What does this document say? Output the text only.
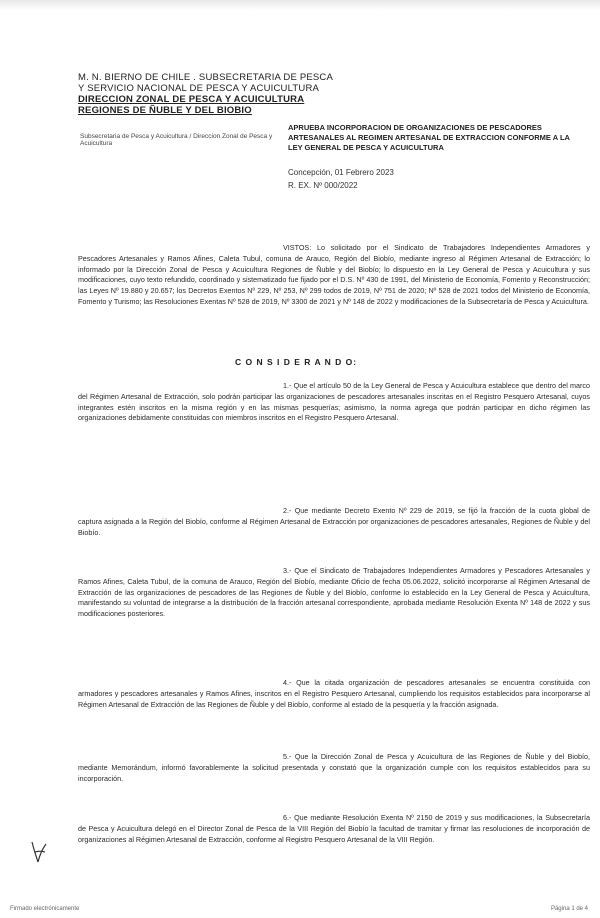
M. N. BIERNO DE CHILE . SUBSECRETARIA DE PESCA
Y SERVICIO NACIONAL DE PESCA Y ACUICULTURA
DIRECCION ZONAL DE PESCA Y ACUICULTURA
REGIONES DE ÑUBLE Y DEL BIOBIO
Subsecretaria de Pesca y Acuicultura / Direccion Zonal de Pesca y Acuicultura
APRUEBA INCORPORACION DE ORGANIZACIONES DE PESCADORES ARTESANALES AL REGIMEN ARTESANAL DE EXTRACCION CONFORME A LA LEY GENERAL DE PESCA Y ACUICULTURA
Concepción, 01 Febrero 2023
R. EX. Nº 000/2022
VISTOS: Lo solicitado por el Sindicato de Trabajadores Independientes Armadores y Pescadores Artesanales y Ramos Afines, Caleta Tubul, comuna de Arauco, Región del Biobío, mediante ingreso al Régimen Artesanal de Extracción; lo informado por la Dirección Zonal de Pesca y Acuicultura Regiones de Ñuble y del Biobío; lo dispuesto en la Ley General de Pesca y Acuicultura y sus modificaciones, cuyo texto refundido, coordinado y sistematizado fue fijado por el D.S. Nº 430 de 1991, del Ministerio de Economía, Fomento y Reconstrucción; las Leyes Nº 19.880 y 20.657; los Decretos Exentos Nº 229, Nº 253, Nº 299 todos de 2019, Nº 751 de 2020; Nº 528 de 2021 todos del Ministerio de Economía, Fomento y Turismo; las Resoluciones Exentas Nº 528 de 2019, Nº 3300 de 2021 y Nº 148 de 2022 y modificaciones de la Subsecretaría de Pesca y Acuicultura.
C O N S I D E R A N D O:
1.- Que el artículo 50 de la Ley General de Pesca y Acuicultura establece que dentro del marco del Régimen Artesanal de Extracción, solo podrán participar las organizaciones de pescadores artesanales inscritas en el Registro Pesquero Artesanal, cuyos integrantes estén inscritos en la misma región y en las mismas pesquerías; asimismo, la norma agrega que podrán participar en dicho régimen las organizaciones debidamente constituidas con miembros inscritos en el Registro Pesquero Artesanal.
2.- Que mediante Decreto Exento Nº 229 de 2019, se fijó la fracción de la cuota global de captura asignada a la Región del Biobío, conforme al Régimen Artesanal de Extracción por organizaciones de pescadores artesanales, Regiones de Ñuble y del Biobío.
3.- Que el Sindicato de Trabajadores Independientes Armadores y Pescadores Artesanales y Ramos Afines, Caleta Tubul, de la comuna de Arauco, Región del Biobío, mediante Oficio de fecha 05.06.2022, solicitó incorporarse al Régimen Artesanal de Extracción de las organizaciones de pescadores de las Regiones de Ñuble y del Biobío, conforme lo establecido en la Ley General de Pesca y Acuicultura, manifestando su voluntad de integrarse a la distribución de la fracción artesanal correspondiente, aprobada mediante Resolución Exenta Nº 148 de 2022 y sus modificaciones posteriores.
4.- Que la citada organización de pescadores artesanales se encuentra constituida con armadores y pescadores artesanales y Ramos Afines, inscritos en el Registro Pesquero Artesanal, cumpliendo los requisitos establecidos para incorporarse al Régimen Artesanal de Extracción de las Regiones de Ñuble y del Biobío, conforme al estado de la pesquería y la fracción asignada.
5.- Que la Dirección Zonal de Pesca y Acuicultura de las Regiones de Ñuble y del Biobío, mediante Memorándum, informó favorablemente la solicitud presentada y constató que la organización cumple con los requisitos establecidos para su incorporación.
6.- Que mediante Resolución Exenta Nº 2150 de 2019 y sus modificaciones, la Subsecretaría de Pesca y Acuicultura delegó en el Director Zonal de Pesca de la VIII Región del Biobío la facultad de tramitar y firmar las resoluciones de incorporación de organizaciones al Régimen Artesanal de Extracción, conforme al Registro Pesquero Artesanal de la VIII Región.
Firmado electrónicamente	Página 1 de 4
